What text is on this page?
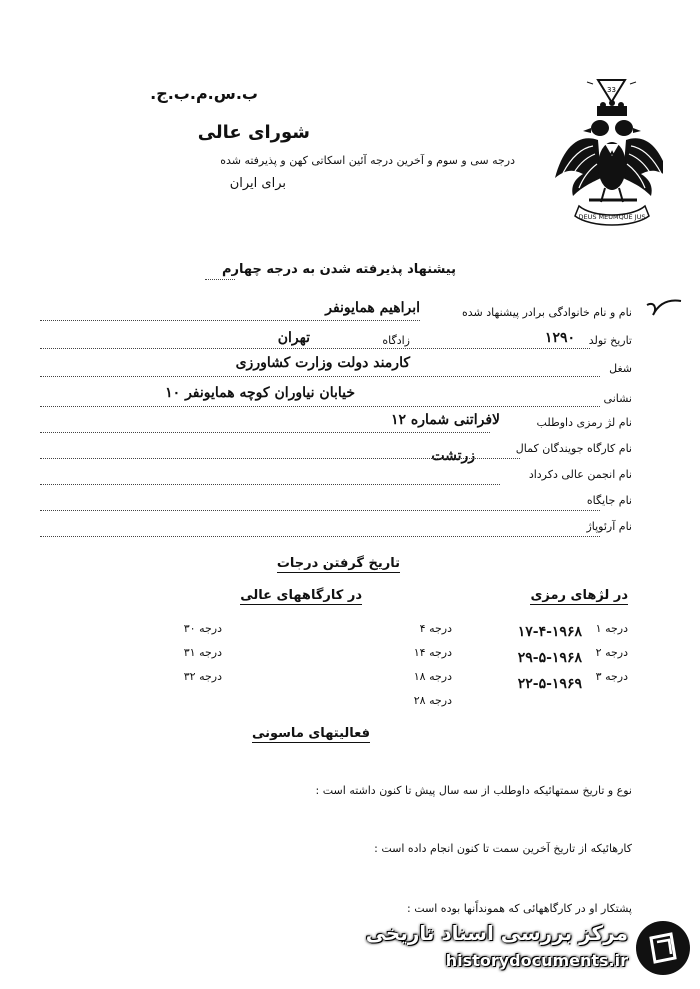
33
▲
DEUS MEUMQUE JUS
ب.س.م.ب.ج.
شورای عالی
درجه سی و سوم و آخرین درجه آئین اسکاتی کهن و پذیرفته شده
برای ایران
پیشنهاد پذیرفته شدن به درجه چهارم
نام و نام خانوادگی برادر پیشنهاد شده
ابراهیم همایونفر
تاریخ تولد
۱۲۹۰
زادگاه
تهران
شغل
کارمند دولت وزارت کشاورزی
نشانی
خیابان نیاوران کوچه همایونفر ۱۰
نام لژ رمزی داوطلب
لافراتنی شماره ۱۲
نام کارگاه جویندگان کمال
زرتشت
نام انجمن عالی دکرداد
نام جایگاه
نام آرئوپاژ
تاریخ گرفتن درجات
در لژهای رمزی
در کارگاههای عالی
درجه ۱
۱۷-۴-۱۹۶۸
درجه ۲
۲۹-۵-۱۹۶۸
درجه ۳
۲۲-۵-۱۹۶۹
درجه ۴
درجه ۱۴
درجه ۱۸
درجه ۲۸
درجه ۳۰
درجه ۳۱
درجه ۳۲
فعالیتهای ماسونی
نوع و تاریخ سمتهائیکه داوطلب از سه سال پیش تا کنون داشته است :
کارهائیکه از تاریخ آخرین سمت تا کنون انجام داده است :
پشتکار او در کارگاههائی که همونداًنها بوده است :
مرکز بررسی اسناد تاریخی
historydocuments.ir
